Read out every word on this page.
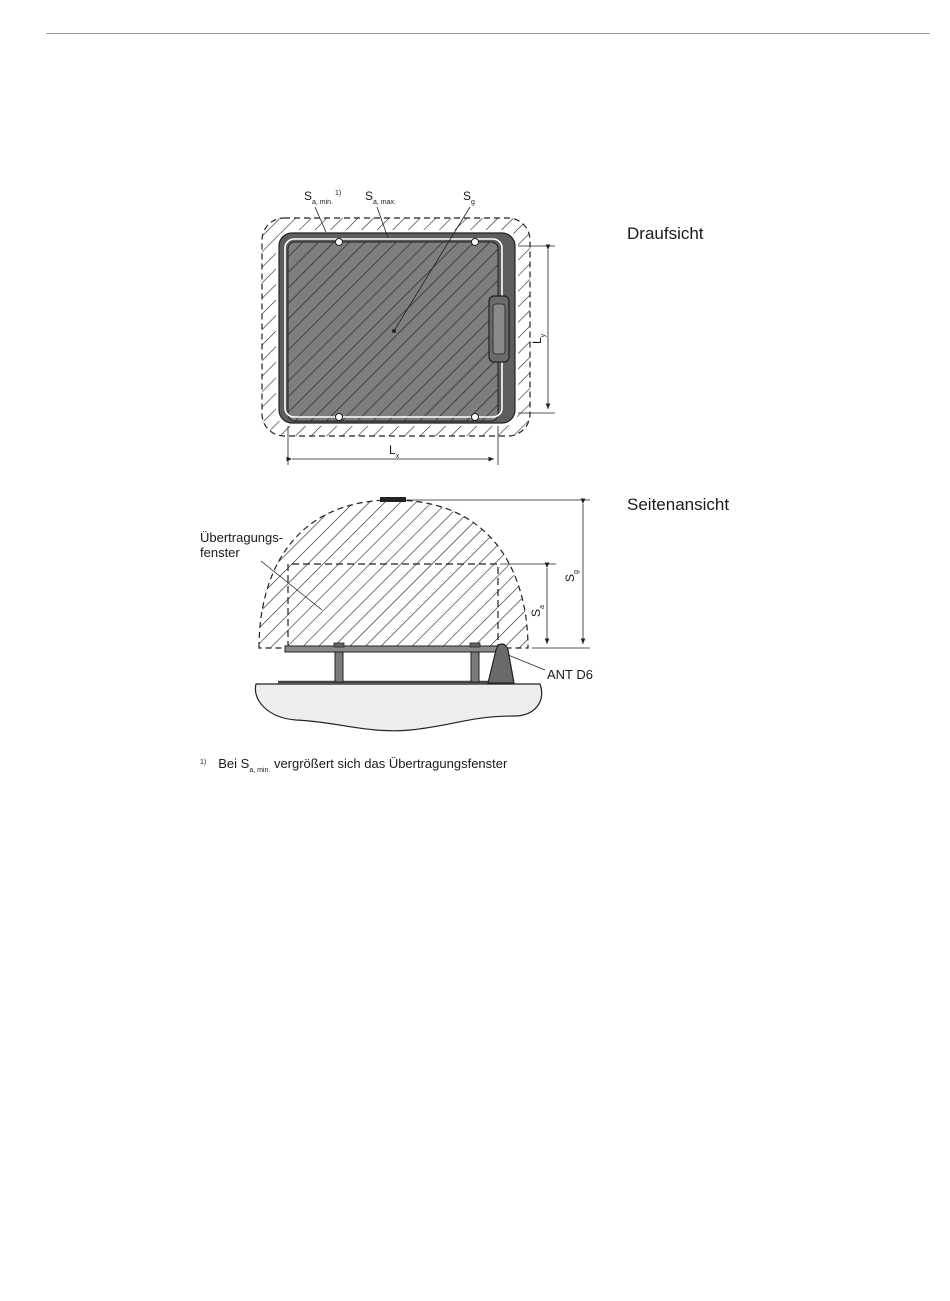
$S_{a, min.}^{1)}$ $S_{a, max.}$	$S_g$
$L_y$
$L_x$
Draufsicht
Seitenansicht
Übertragungs-
fenster
ANT D6
$S_g$
$S_a$
$^{1)}$ Bei $S_{a, min.}$ vergrößert sich das Übertragungsfenster
